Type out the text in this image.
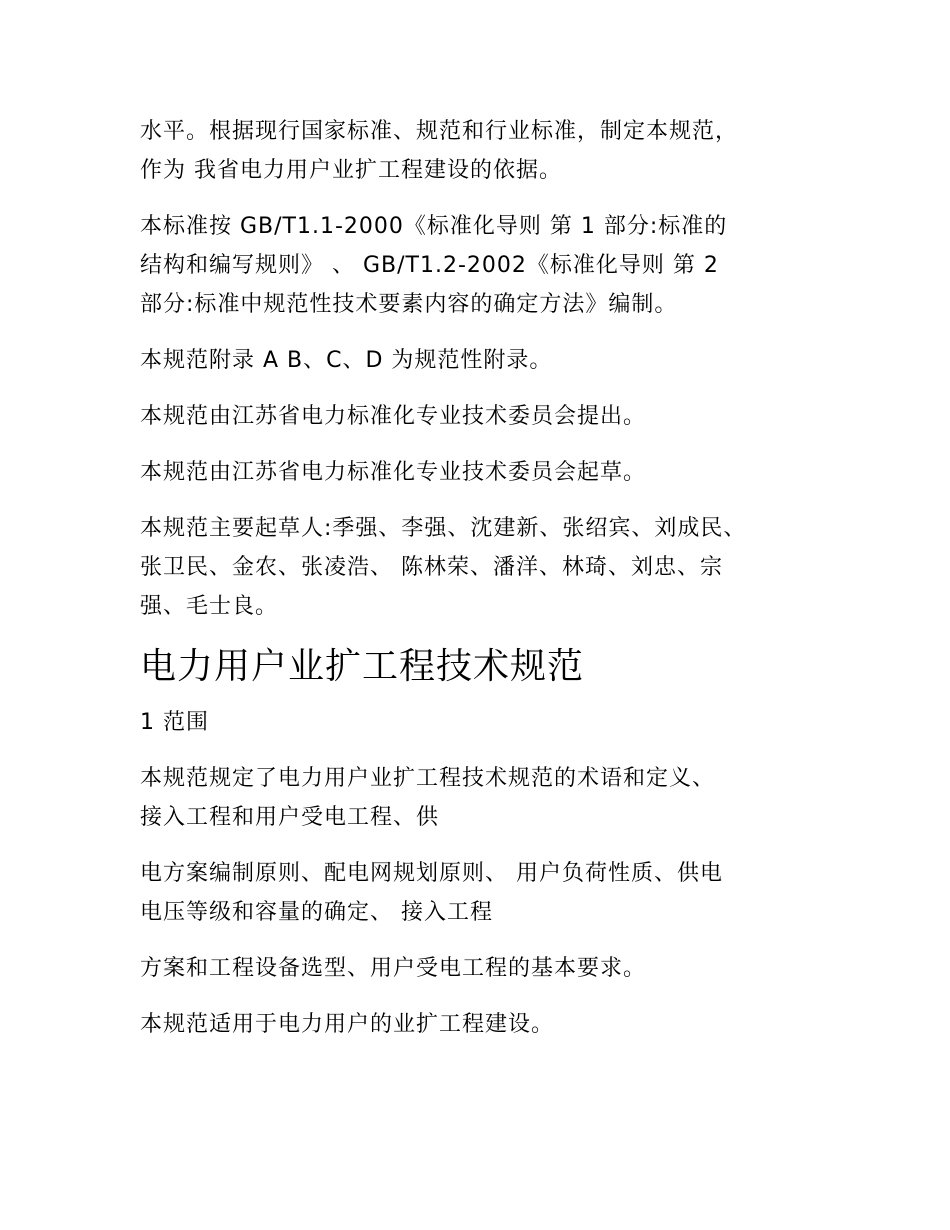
水平。根据现行国家标准、规范和行业标准，制定本规范，
作为 我省电力用户业扩工程建设的依据。
本标准按 GB/T1.1-2000《标准化导则 第 1 部分:标准的
结构和编写规则》 、 GB/T1.2-2002《标准化导则 第 2
部分:标准中规范性技术要素内容的确定方法》编制。
本规范附录 A B、C、D 为规范性附录。
本规范由江苏省电力标准化专业技术委员会提出。
本规范由江苏省电力标准化专业技术委员会起草。
本规范主要起草人:季强、李强、沈建新、张绍宾、刘成民、
张卫民、金农、张凌浩、 陈林荣、潘洋、林琦、刘忠、宗
强、毛士良。
电力用户业扩工程技术规范
1 范围
本规范规定了电力用户业扩工程技术规范的术语和定义、
接入工程和用户受电工程、供
电方案编制原则、配电网规划原则、 用户负荷性质、供电
电压等级和容量的确定、 接入工程
方案和工程设备选型、用户受电工程的基本要求。
本规范适用于电力用户的业扩工程建设。
